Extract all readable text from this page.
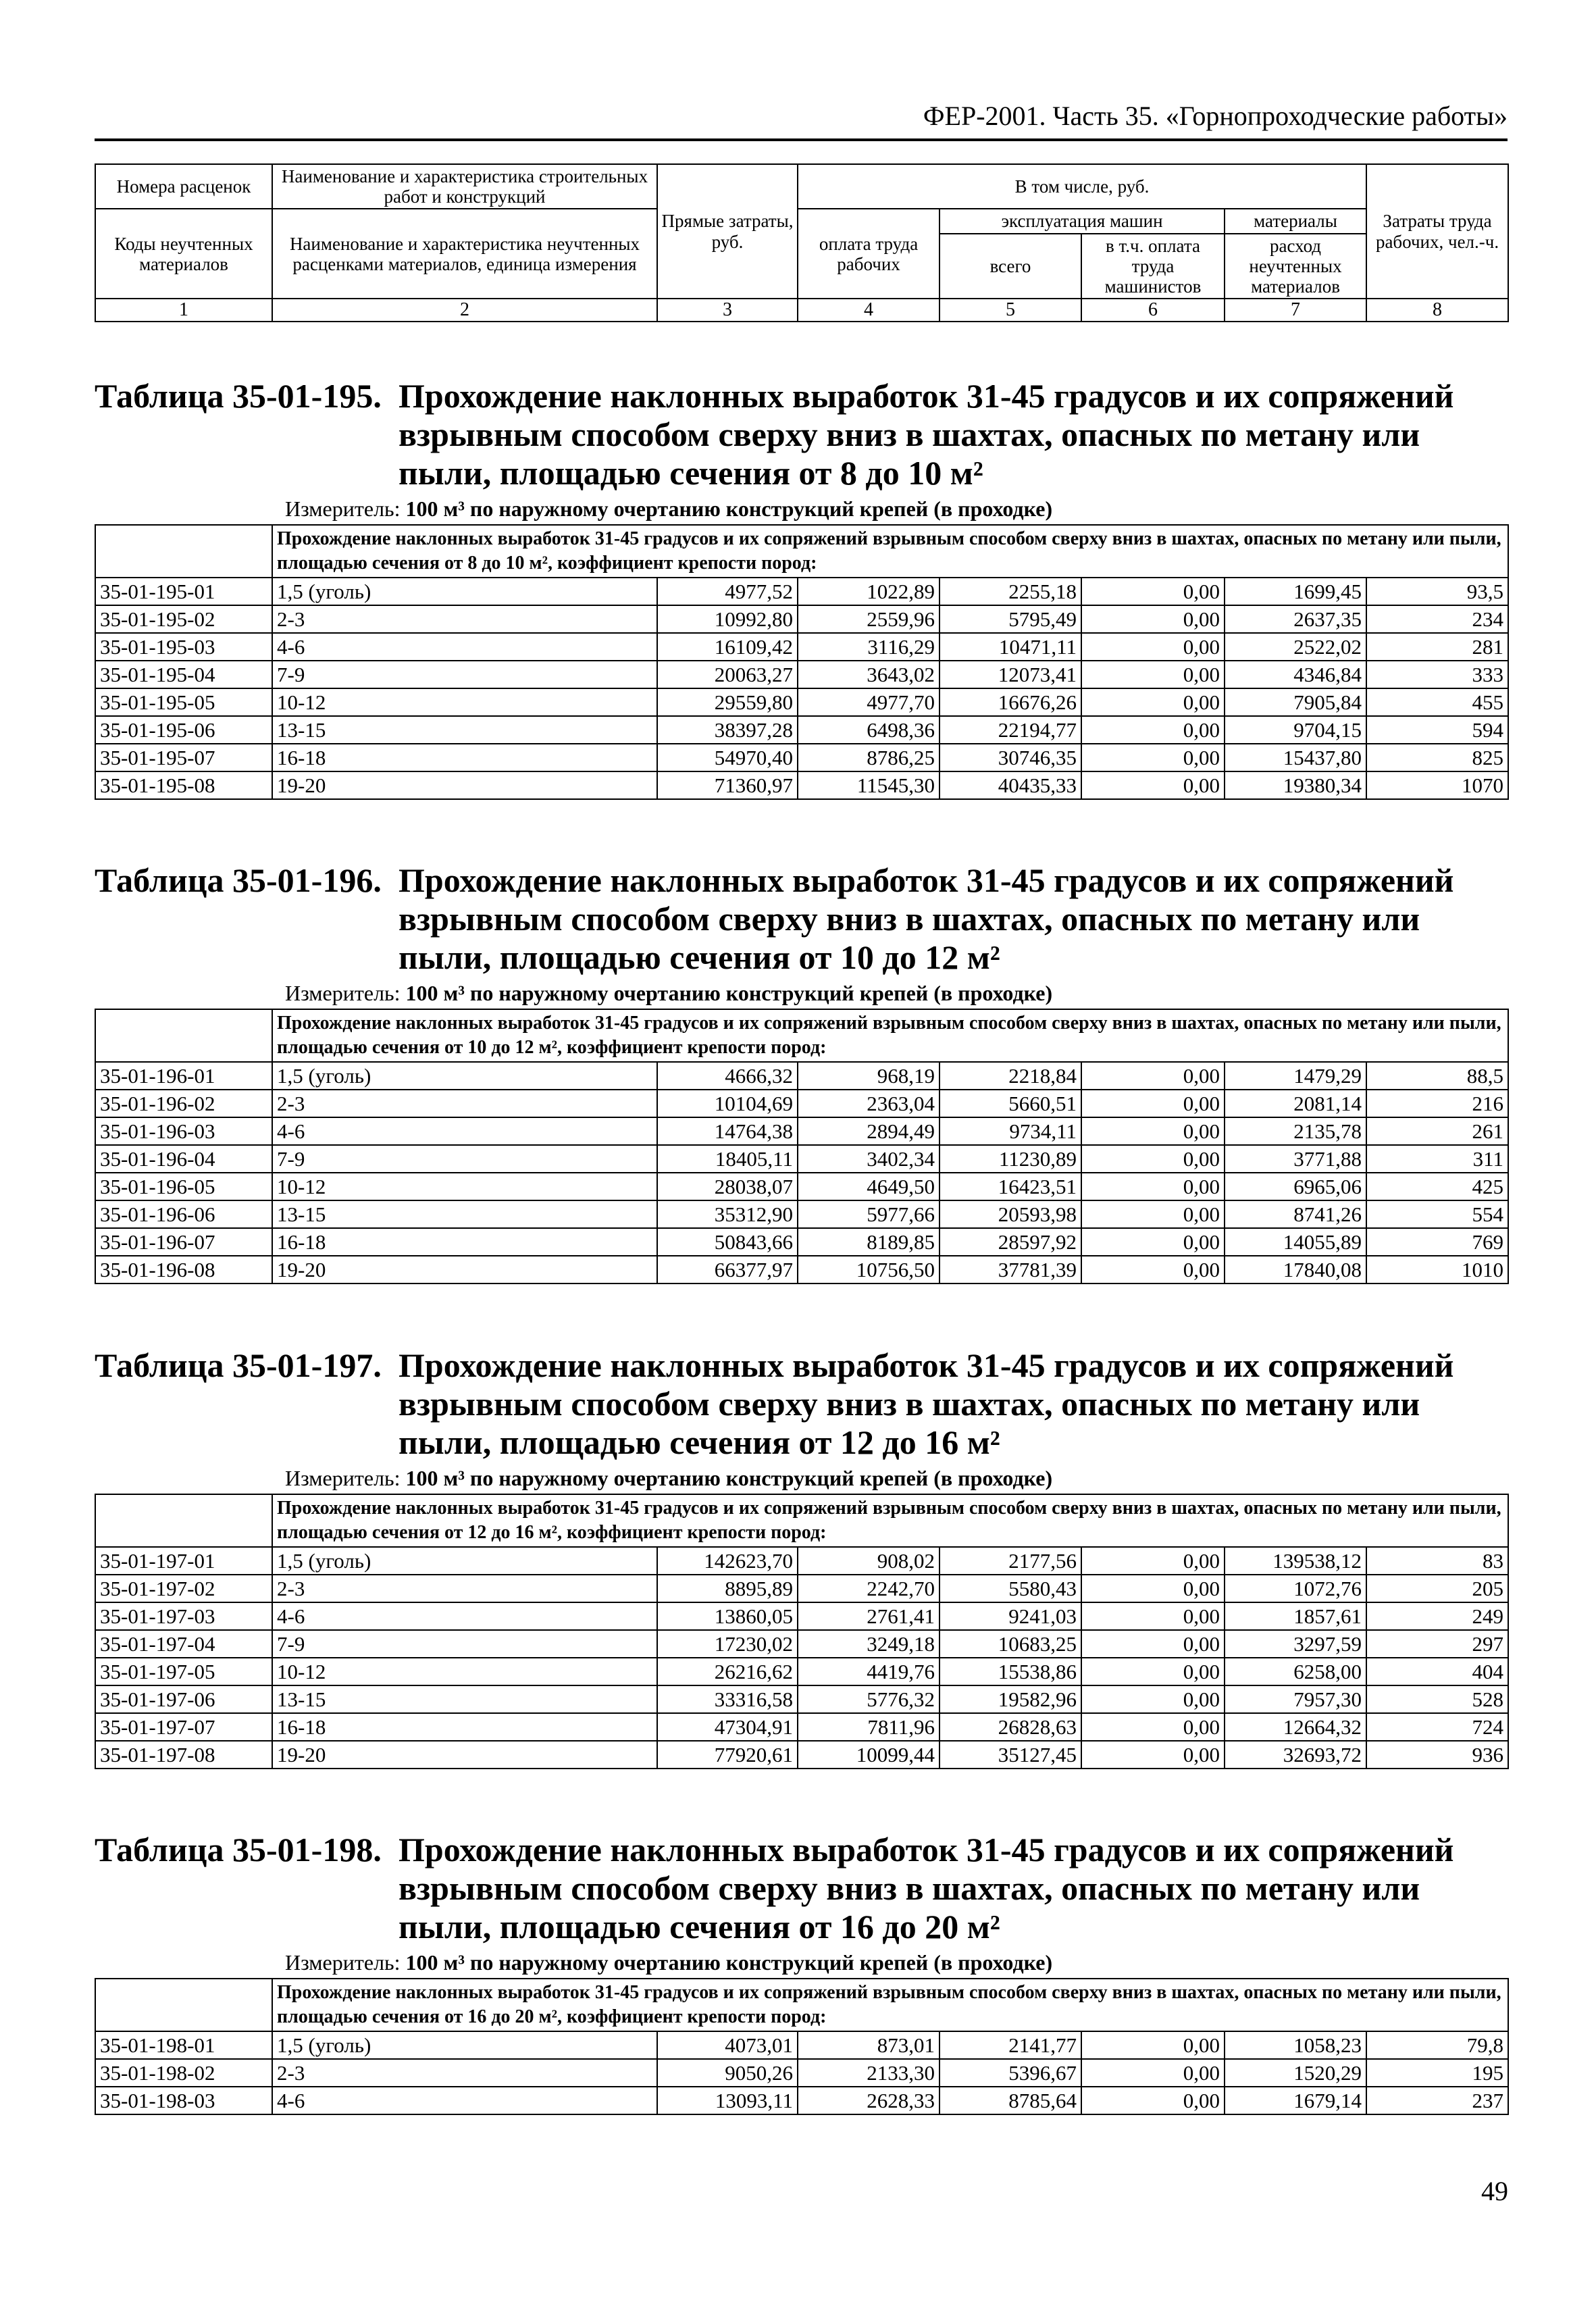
ФЕР-2001. Часть 35. «Горнопроходческие работы»
Номера расценок	Наименование и характеристика строительных работ и конструкций	Прямые затраты, руб.	В том числе, руб.				Затраты труда рабочих, чел.-ч.
Коды неучтенных материалов	Наименование и характеристика неучтенных расценками материалов, единица измерения		оплата труда рабочих	эксплуатация машин		материалы	
				всего	в т.ч. оплата труда машинистов	расход неучтенных материалов	
1	2	3	4	5	6	7	8
Таблица 35-01-195. Прохождение наклонных выработок 31-45 градусов и их сопряжений взрывным способом сверху вниз в шахтах, опасных по метану или пыли, площадью сечения от 8 до 10 м²
Измеритель: 100 м³ по наружному очертанию конструкций крепей (в проходке)
	Прохождение наклонных выработок 31-45 градусов и их сопряжений взрывным способом сверху вниз в шахтах, опасных по метану или пыли, площадью сечения от 8 до 10 м², коэффициент крепости пород:						
35-01-195-01	1,5 (уголь)	4977,52	1022,89	2255,18	0,00	1699,45	93,5
35-01-195-02	2-3	10992,80	2559,96	5795,49	0,00	2637,35	234
35-01-195-03	4-6	16109,42	3116,29	10471,11	0,00	2522,02	281
35-01-195-04	7-9	20063,27	3643,02	12073,41	0,00	4346,84	333
35-01-195-05	10-12	29559,80	4977,70	16676,26	0,00	7905,84	455
35-01-195-06	13-15	38397,28	6498,36	22194,77	0,00	9704,15	594
35-01-195-07	16-18	54970,40	8786,25	30746,35	0,00	15437,80	825
35-01-195-08	19-20	71360,97	11545,30	40435,33	0,00	19380,34	1070
Таблица 35-01-196. Прохождение наклонных выработок 31-45 градусов и их сопряжений взрывным способом сверху вниз в шахтах, опасных по метану или пыли, площадью сечения от 10 до 12 м²
Измеритель: 100 м³ по наружному очертанию конструкций крепей (в проходке)
	Прохождение наклонных выработок 31-45 градусов и их сопряжений взрывным способом сверху вниз в шахтах, опасных по метану или пыли, площадью сечения от 10 до 12 м², коэффициент крепости пород:						
35-01-196-01	1,5 (уголь)	4666,32	968,19	2218,84	0,00	1479,29	88,5
35-01-196-02	2-3	10104,69	2363,04	5660,51	0,00	2081,14	216
35-01-196-03	4-6	14764,38	2894,49	9734,11	0,00	2135,78	261
35-01-196-04	7-9	18405,11	3402,34	11230,89	0,00	3771,88	311
35-01-196-05	10-12	28038,07	4649,50	16423,51	0,00	6965,06	425
35-01-196-06	13-15	35312,90	5977,66	20593,98	0,00	8741,26	554
35-01-196-07	16-18	50843,66	8189,85	28597,92	0,00	14055,89	769
35-01-196-08	19-20	66377,97	10756,50	37781,39	0,00	17840,08	1010
Таблица 35-01-197. Прохождение наклонных выработок 31-45 градусов и их сопряжений взрывным способом сверху вниз в шахтах, опасных по метану или пыли, площадью сечения от 12 до 16 м²
Измеритель: 100 м³ по наружному очертанию конструкций крепей (в проходке)
	Прохождение наклонных выработок 31-45 градусов и их сопряжений взрывным способом сверху вниз в шахтах, опасных по метану или пыли, площадью сечения от 12 до 16 м², коэффициент крепости пород:						
35-01-197-01	1,5 (уголь)	142623,70	908,02	2177,56	0,00	139538,12	83
35-01-197-02	2-3	8895,89	2242,70	5580,43	0,00	1072,76	205
35-01-197-03	4-6	13860,05	2761,41	9241,03	0,00	1857,61	249
35-01-197-04	7-9	17230,02	3249,18	10683,25	0,00	3297,59	297
35-01-197-05	10-12	26216,62	4419,76	15538,86	0,00	6258,00	404
35-01-197-06	13-15	33316,58	5776,32	19582,96	0,00	7957,30	528
35-01-197-07	16-18	47304,91	7811,96	26828,63	0,00	12664,32	724
35-01-197-08	19-20	77920,61	10099,44	35127,45	0,00	32693,72	936
Таблица 35-01-198. Прохождение наклонных выработок 31-45 градусов и их сопряжений взрывным способом сверху вниз в шахтах, опасных по метану или пыли, площадью сечения от 16 до 20 м²
Измеритель: 100 м³ по наружному очертанию конструкций крепей (в проходке)
	Прохождение наклонных выработок 31-45 градусов и их сопряжений взрывным способом сверху вниз в шахтах, опасных по метану или пыли, площадью сечения от 16 до 20 м², коэффициент крепости пород:						
35-01-198-01	1,5 (уголь)	4073,01	873,01	2141,77	0,00	1058,23	79,8
35-01-198-02	2-3	9050,26	2133,30	5396,67	0,00	1520,29	195
35-01-198-03	4-6	13093,11	2628,33	8785,64	0,00	1679,14	237
49
